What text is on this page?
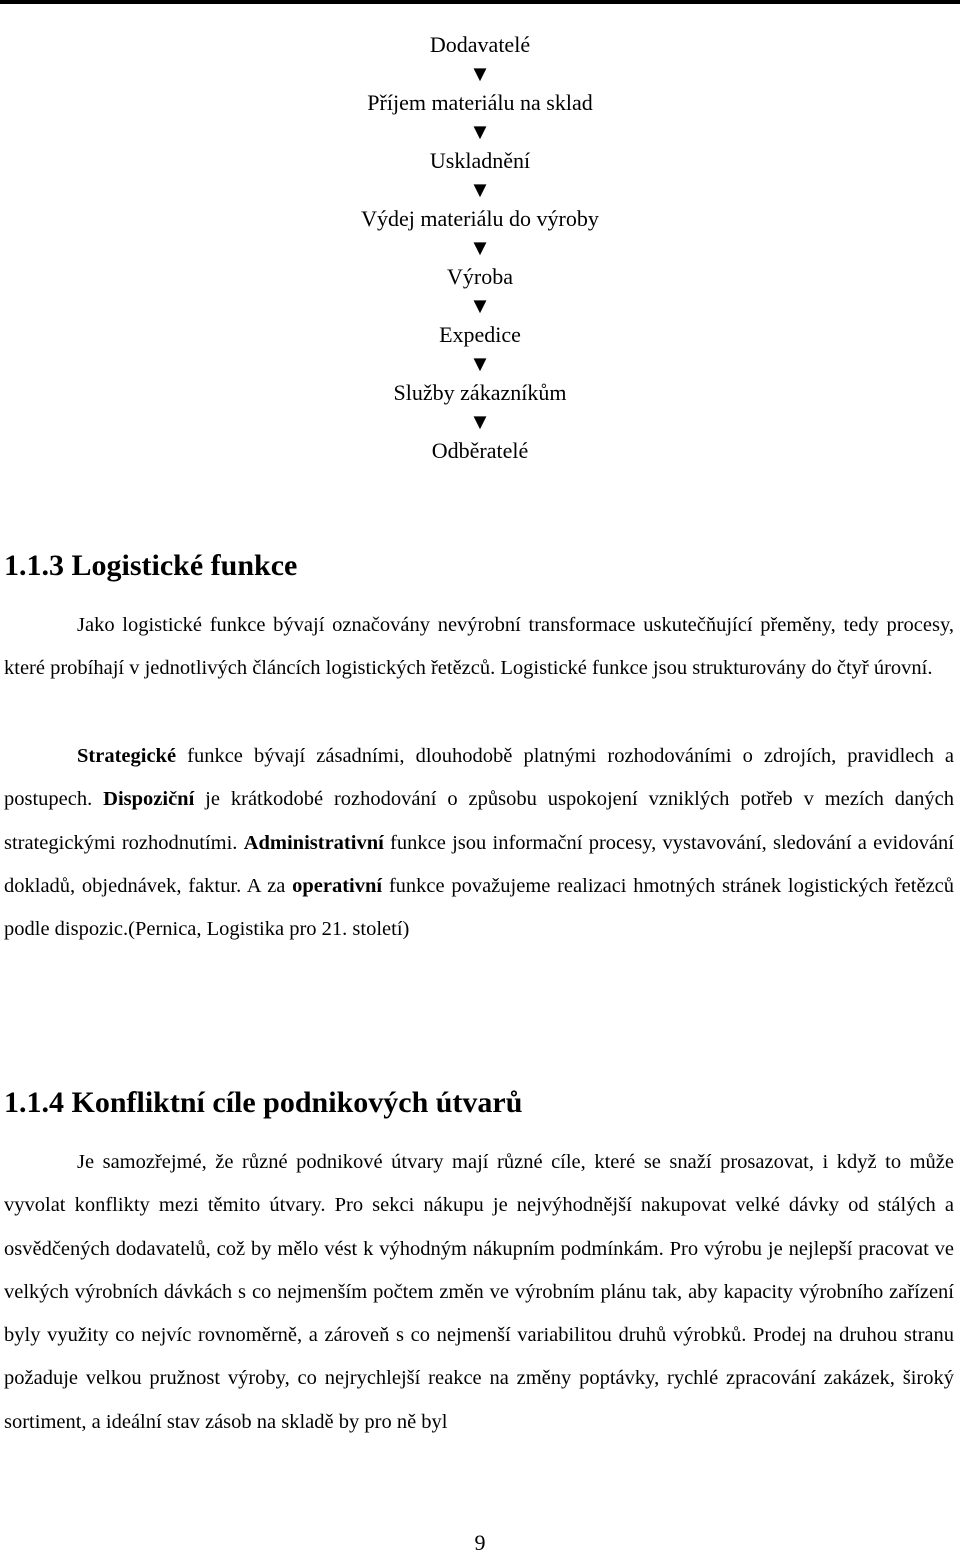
Dodavatelé
▼
Příjem materiálu na sklad
▼
Uskladnění
▼
Výdej materiálu do výroby
▼
Výroba
▼
Expedice
▼
Služby zákazníkům
▼
Odběratelé
1.1.3 Logistické funkce

Jako logistické funkce bývají označovány nevýrobní transformace uskutečňující přeměny, tedy procesy, které probíhají v jednotlivých článcích logistických řetězců. Logistické funkce jsou strukturovány do čtyř úrovní.

Strategické funkce bývají zásadními, dlouhodobě platnými rozhodováními o zdrojích, pravidlech a postupech. Dispoziční je krátkodobé rozhodování o způsobu uspokojení vzniklých potřeb v mezích daných strategickými rozhodnutími. Administrativní funkce jsou informační procesy, vystavování, sledování a evidování dokladů, objednávek, faktur. A za operativní funkce považujeme realizaci hmotných stránek logistických řetězců podle dispozic.(Pernica, Logistika pro 21. století)

1.1.4 Konfliktní cíle podnikových útvarů

Je samozřejmé, že různé podnikové útvary mají různé cíle, které se snaží prosazovat, i když to může vyvolat konflikty mezi těmito útvary. Pro sekci nákupu je nejvýhodnější nakupovat velké dávky od stálých a osvědčených dodavatelů, což by mělo vést k výhodným nákupním podmínkám. Pro výrobu je nejlepší pracovat ve velkých výrobních dávkách s co nejmenším počtem změn ve výrobním plánu tak, aby kapacity výrobního zařízení byly využity co nejvíc rovnoměrně, a zároveň s co nejmenší variabilitou druhů výrobků. Prodej na druhou stranu požaduje velkou pružnost výroby, co nejrychlejší reakce na změny poptávky, rychlé zpracování zakázek, široký sortiment, a ideální stav zásob na skladě by pro ně byl

9
